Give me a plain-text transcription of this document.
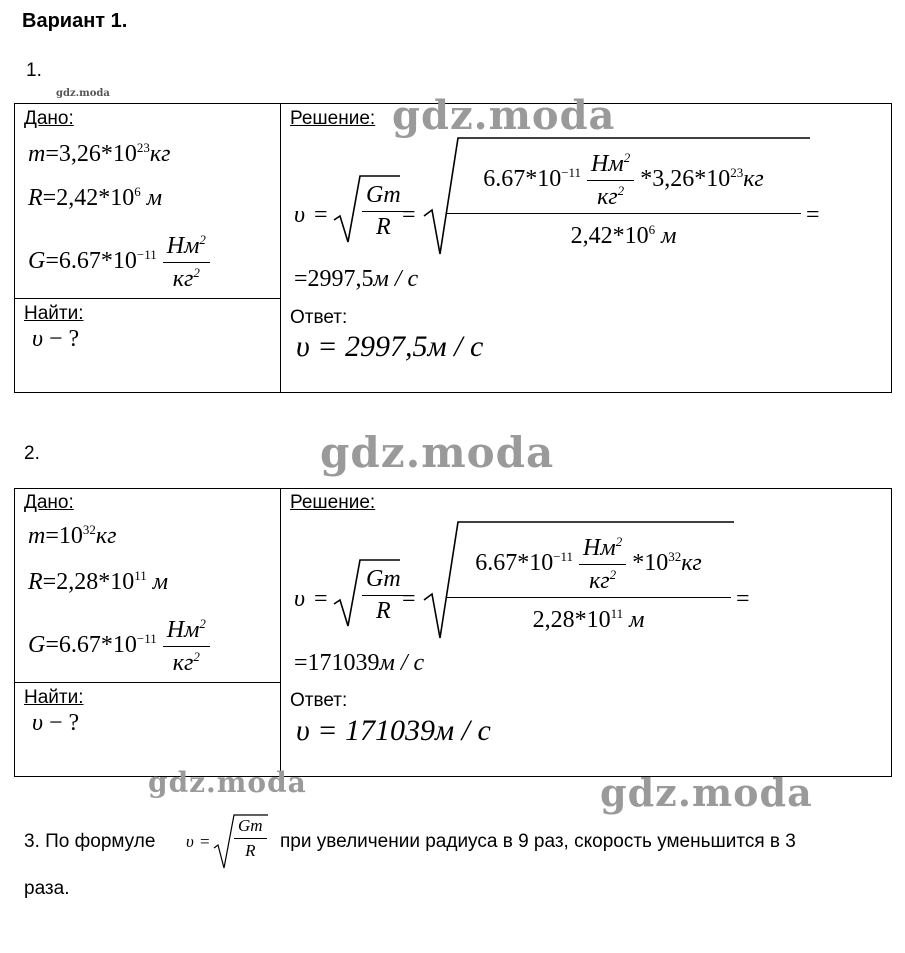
Вариант 1.
1.
gdz.moda
Дано:
$m=3,26*10^{23}кг$
$R=2,42*10^6$ м
$G=6.67*10^{-11} \frac{Нм^2}{кг^2}$
Найти:
υ − ?
Решение:
$\upsilon = \frac{Gm}{R}$
=
$6.67*10^{-11} \frac{Нм^2}{кг^2} *3,26*10^{23}кг$
$2,42*10^6$ м
=
=2997,5м / с
Ответ:
υ = 2997,5м / с
2.
Дано:
$m=10^{32}кг$
$R=2,28*10^{11}$ м
$G=6.67*10^{-11} \frac{Нм^2}{кг^2}$
Найти:
υ − ?
Решение:
$\upsilon = \frac{Gm}{R}$
=
$6.67*10^{-11} \frac{Нм^2}{кг^2} *10^{32}кг$
$2,28*10^{11}$ м
=
=171039м / с
Ответ:
υ = 171039м / с
3. По формуле $\upsilon = \frac{Gm}{R}$ при увеличении радиуса в 9 раз, скорость уменьшится в 3
раза.
gdz.moda
gdz.moda
gdz.moda	gdz.moda
